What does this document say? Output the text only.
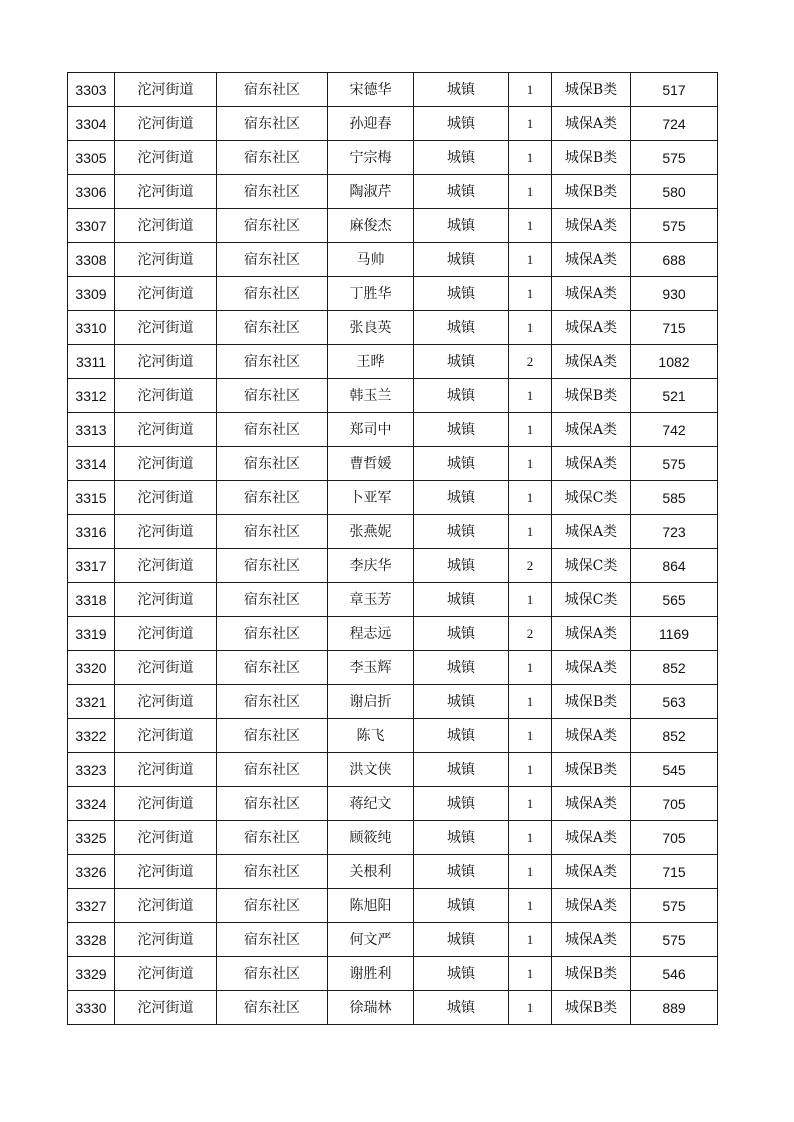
3303	沱河街道	宿东社区	宋德华	城镇	1	城保B类	517
3304	沱河街道	宿东社区	孙迎春	城镇	1	城保A类	724
3305	沱河街道	宿东社区	宁宗梅	城镇	1	城保B类	575
3306	沱河街道	宿东社区	陶淑芹	城镇	1	城保B类	580
3307	沱河街道	宿东社区	麻俊杰	城镇	1	城保A类	575
3308	沱河街道	宿东社区	马帅	城镇	1	城保A类	688
3309	沱河街道	宿东社区	丁胜华	城镇	1	城保A类	930
3310	沱河街道	宿东社区	张良英	城镇	1	城保A类	715
3311	沱河街道	宿东社区	王晔	城镇	2	城保A类	1082
3312	沱河街道	宿东社区	韩玉兰	城镇	1	城保B类	521
3313	沱河街道	宿东社区	郑司中	城镇	1	城保A类	742
3314	沱河街道	宿东社区	曹哲媛	城镇	1	城保A类	575
3315	沱河街道	宿东社区	卜亚军	城镇	1	城保C类	585
3316	沱河街道	宿东社区	张燕妮	城镇	1	城保A类	723
3317	沱河街道	宿东社区	李庆华	城镇	2	城保C类	864
3318	沱河街道	宿东社区	章玉芳	城镇	1	城保C类	565
3319	沱河街道	宿东社区	程志远	城镇	2	城保A类	1169
3320	沱河街道	宿东社区	李玉辉	城镇	1	城保A类	852
3321	沱河街道	宿东社区	谢启折	城镇	1	城保B类	563
3322	沱河街道	宿东社区	陈飞	城镇	1	城保A类	852
3323	沱河街道	宿东社区	洪文侠	城镇	1	城保B类	545
3324	沱河街道	宿东社区	蒋纪文	城镇	1	城保A类	705
3325	沱河街道	宿东社区	顾筱纯	城镇	1	城保A类	705
3326	沱河街道	宿东社区	关根利	城镇	1	城保A类	715
3327	沱河街道	宿东社区	陈旭阳	城镇	1	城保A类	575
3328	沱河街道	宿东社区	何文严	城镇	1	城保A类	575
3329	沱河街道	宿东社区	谢胜利	城镇	1	城保B类	546
3330	沱河街道	宿东社区	徐瑞林	城镇	1	城保B类	889
